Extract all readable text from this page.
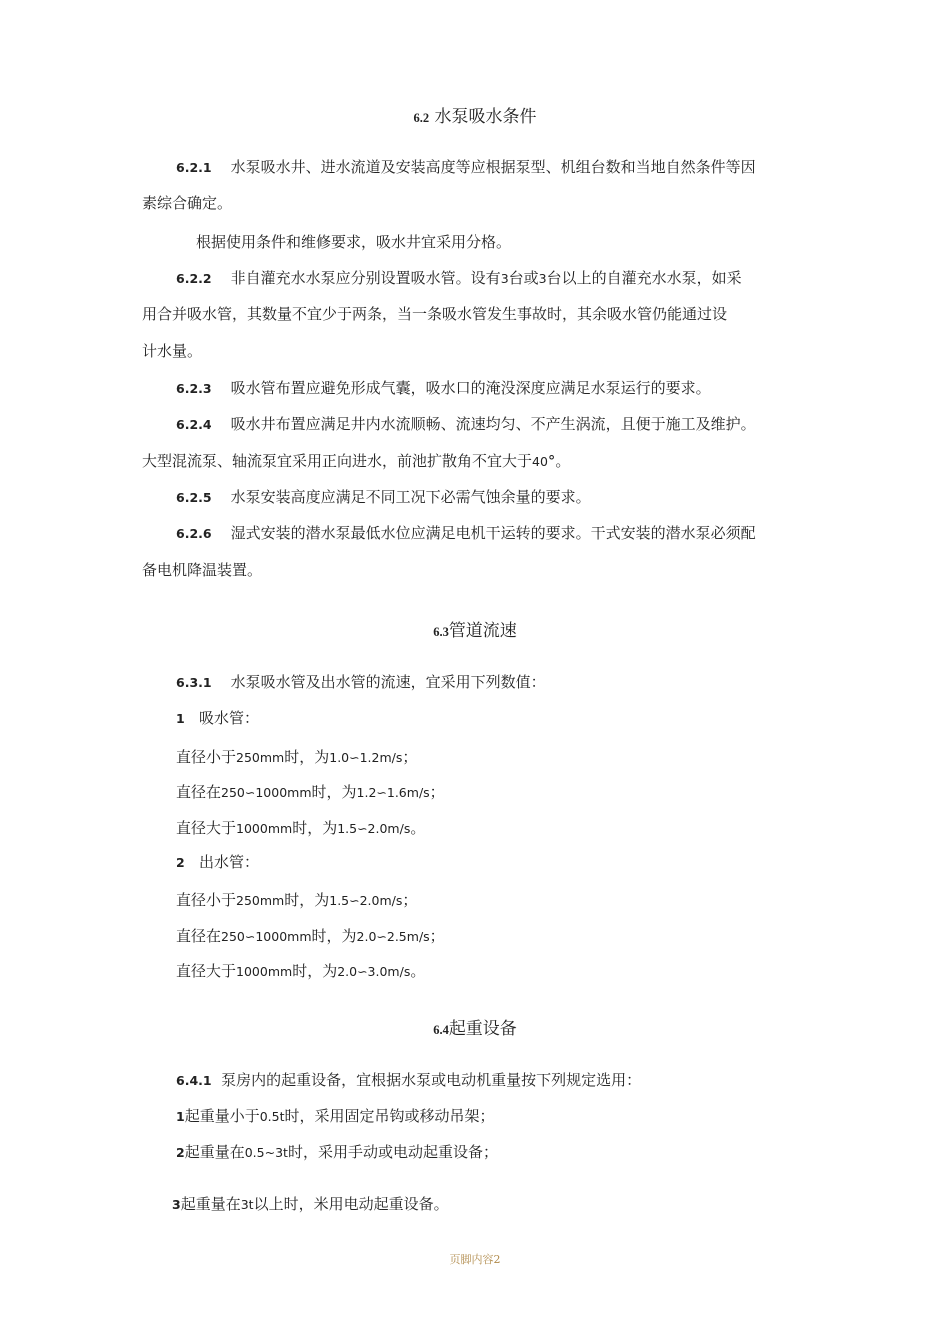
6.2 水泵吸水条件
6.2.1 水泵吸水井、进水流道及安装高度等应根据泵型、机组台数和当地自然条件等因
素综合确定。
根据使用条件和维修要求，吸水井宜采用分格。
6.2.2 非自灌充水水泵应分别设置吸水管。设有3台或3台以上的自灌充水水泵，如采
用合并吸水管，其数量不宜少于两条，当一条吸水管发生事故时，其余吸水管仍能通过设
计水量。
6.2.3 吸水管布置应避免形成气囊，吸水口的淹没深度应满足水泵运行的要求。
6.2.4 吸水井布置应满足井内水流顺畅、流速均匀、不产生涡流，且便于施工及维护。
大型混流泵、轴流泵宜采用正向进水，前池扩散角不宜大于40°。
6.2.5 水泵安装高度应满足不同工况下必需气蚀余量的要求。
6.2.6 湿式安装的潜水泵最低水位应满足电机干运转的要求。干式安装的潜水泵必须配
备电机降温装置。
6.3管道流速
6.3.1 水泵吸水管及出水管的流速，宜采用下列数值：
1 吸水管：
直径小于250mm时，为1.0∽1.2m/s；
直径在250∽1000mm时，为1.2∽1.6m/s；
直径大于1000mm时，为1.5∽2.0m/s。
2 出水管：
直径小于250mm时，为1.5∽2.0m/s；
直径在250∽1000mm时，为2.0∽2.5m/s；
直径大于1000mm时，为2.0∽3.0m/s。
6.4起重设备
6.4.1 泵房内的起重设备，宜根据水泵或电动机重量按下列规定选用：
1起重量小于0.5t时，采用固定吊钩或移动吊架；
2起重量在0.5~3t时，采用手动或电动起重设备；
3起重量在3t以上时，米用电动起重设备。
页脚内容2
